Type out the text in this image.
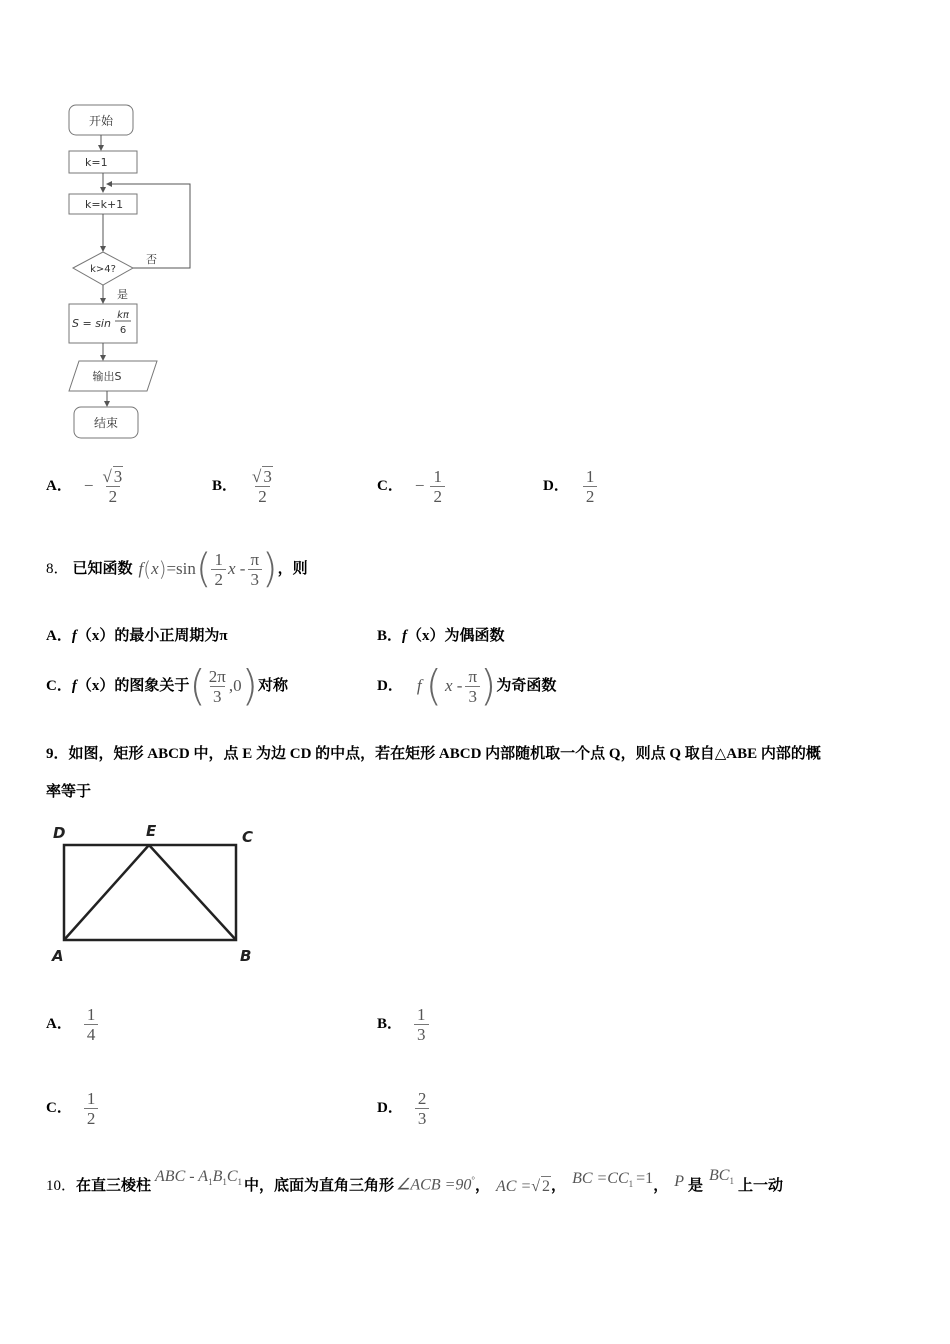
开始
k=1
k=k+1
k>4?
否
是
S = sin
kπ
6
输出S
结束
A． − $\frac{√ 3}{2}$	B． $\frac{√ 3}{2}$	C． − $\frac{1}{2}$	D． $\frac{1}{2}$
8． 已知函数 f ( x ) =sin ( $\frac{1}{2}$ x - $\frac{\pi}{3}$ ) ，则
A．f（x）的最小正周期为π	B．f（x）为偶函数
C． f （x）的图象关于 ( $\frac{2\pi}{3} ,0$ ) 对称	D． f ( x - $\frac{\pi}{3}$ ) 为奇函数
9．如图，矩形 ABCD 中，点 E 为边 CD 的中点，若在矩形 ABCD 内部随机取一个点 Q，则点 Q 取自△ABE 内部的概
率等于
D	E	C
A	B
A． $\frac{1}{4}$	B． $\frac{1}{3}$
C． $\frac{1}{2}$	D． $\frac{2}{3}$
10． 在直三棱柱
ABC - $A_1B_1C_1$ 中，底面为直角三角形 ∠ACB =90° ， AC =√ 2 ， BC $=CC_1 =1$ ， P 是
$BC_1$ 上一动
